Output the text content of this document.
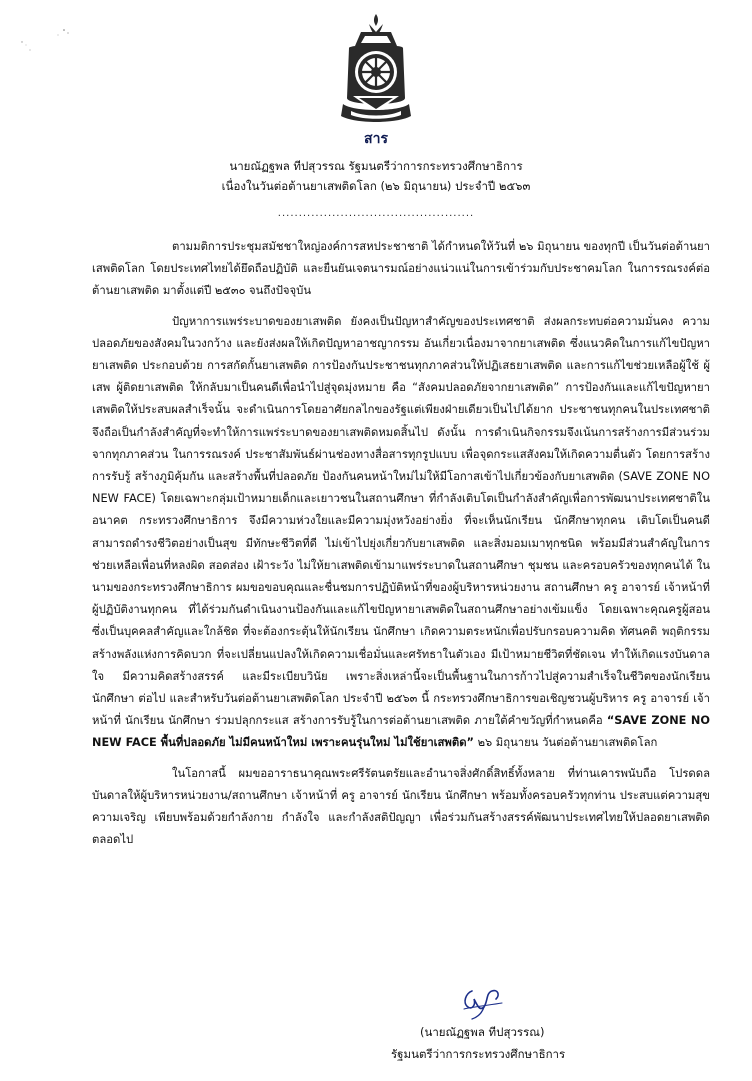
สาร
นายณัฏฐพล ทีปสุวรรณ รัฐมนตรีว่าการกระทรวงศึกษาธิการ
เนื่องในวันต่อต้านยาเสพติดโลก (๒๖ มิถุนายน) ประจำปี ๒๕๖๓
...............................................

ตามมติการประชุมสมัชชาใหญ่องค์การสหประชาชาติ ได้กำหนดให้วันที่ ๒๖ มิถุนายน ของทุกปี เป็นวันต่อต้านยาเสพติดโลก โดยประเทศไทยได้ยึดถือปฏิบัติ และยืนยันเจตนารมณ์อย่างแน่วแน่ในการเข้าร่วมกับประชาคมโลก ในการรณรงค์ต่อต้านยาเสพติด มาตั้งแต่ปี ๒๕๓๐ จนถึงปัจจุบัน

ปัญหาการแพร่ระบาดของยาเสพติด ยังคงเป็นปัญหาสำคัญของประเทศชาติ ส่งผลกระทบต่อความมั่นคง ความปลอดภัยของสังคมในวงกว้าง และยังส่งผลให้เกิดปัญหาอาชญากรรม อันเกี่ยวเนื่องมาจากยาเสพติด ซึ่งแนวคิดในการแก้ไขปัญหายาเสพติด ประกอบด้วย การสกัดกั้นยาเสพติด การป้องกันประชาชนทุกภาคส่วนให้ปฏิเสธยาเสพติด และการแก้ไขช่วยเหลือผู้ใช้ ผู้เสพ ผู้ติดยาเสพติด ให้กลับมาเป็นคนดีเพื่อนำไปสู่จุดมุ่งหมาย คือ “สังคมปลอดภัยจากยาเสพติด” การป้องกันและแก้ไขปัญหายาเสพติดให้ประสบผลสำเร็จนั้น จะดำเนินการโดยอาศัยกลไกของรัฐแต่เพียงฝ่ายเดียวเป็นไปได้ยาก ประชาชนทุกคนในประเทศชาติ จึงถือเป็นกำลังสำคัญที่จะทำให้การแพร่ระบาดของยาเสพติดหมดสิ้นไป ดังนั้น การดำเนินกิจกรรมจึงเน้นการสร้างการมีส่วนร่วมจากทุกภาคส่วน ในการรณรงค์ ประชาสัมพันธ์ผ่านช่องทางสื่อสารทุกรูปแบบ เพื่อจุดกระแสสังคมให้เกิดความตื่นตัว โดยการสร้างการรับรู้ สร้างภูมิคุ้มกัน และสร้างพื้นที่ปลอดภัย ป้องกันคนหน้าใหม่ไม่ให้มีโอกาสเข้าไปเกี่ยวข้องกับยาเสพติด (SAVE ZONE NO NEW FACE) โดยเฉพาะกลุ่มเป้าหมายเด็กและเยาวชนในสถานศึกษา ที่กำลังเติบโตเป็นกำลังสำคัญเพื่อการพัฒนาประเทศชาติในอนาคต กระทรวงศึกษาธิการ จึงมีความห่วงใยและมีความมุ่งหวังอย่างยิ่ง ที่จะเห็นนักเรียน นักศึกษาทุกคน เติบโตเป็นคนดี สามารถดำรงชีวิตอย่างเป็นสุข มีทักษะชีวิตที่ดี ไม่เข้าไปยุ่งเกี่ยวกับยาเสพติด และสิ่งมอมเมาทุกชนิด พร้อมมีส่วนสำคัญในการช่วยเหลือเพื่อนที่หลงผิด สอดส่อง เฝ้าระวัง ไม่ให้ยาเสพติดเข้ามาแพร่ระบาดในสถานศึกษา ชุมชน และครอบครัวของทุกคนได้ ในนามของกระทรวงศึกษาธิการ ผมขอขอบคุณและชื่นชมการปฏิบัติหน้าที่ของผู้บริหารหน่วยงาน สถานศึกษา ครู อาจารย์ เจ้าหน้าที่ผู้ปฏิบัติงานทุกคน ที่ได้ร่วมกันดำเนินงานป้องกันและแก้ไขปัญหายาเสพติดในสถานศึกษาอย่างเข้มแข็ง โดยเฉพาะคุณครูผู้สอน ซึ่งเป็นบุคคลสำคัญและใกล้ชิด ที่จะต้องกระตุ้นให้นักเรียน นักศึกษา เกิดความตระหนักเพื่อปรับกรอบความคิด ทัศนคติ พฤติกรรม สร้างพลังแห่งการคิดบวก ที่จะเปลี่ยนแปลงให้เกิดความเชื่อมั่นและศรัทธาในตัวเอง มีเป้าหมายชีวิตที่ชัดเจน ทำให้เกิดแรงบันดาลใจ มีความคิดสร้างสรรค์ และมีระเบียบวินัย เพราะสิ่งเหล่านี้จะเป็นพื้นฐานในการก้าวไปสู่ความสำเร็จในชีวิตของนักเรียน นักศึกษา ต่อไป และสำหรับวันต่อต้านยาเสพติดโลก ประจำปี ๒๕๖๓ นี้ กระทรวงศึกษาธิการขอเชิญชวนผู้บริหาร ครู อาจารย์ เจ้าหน้าที่ นักเรียน นักศึกษา ร่วมปลุกกระแส สร้างการรับรู้ในการต่อต้านยาเสพติด ภายใต้คำขวัญที่กำหนดคือ “SAVE ZONE NO NEW FACE พื้นที่ปลอดภัย ไม่มีคนหน้าใหม่ เพราะคนรุ่นใหม่ ไม่ใช้ยาเสพติด” ๒๖ มิถุนายน วันต่อต้านยาเสพติดโลก

ในโอกาสนี้ ผมขออาราธนาคุณพระศรีรัตนตรัยและอำนาจสิ่งศักดิ์สิทธิ์ทั้งหลาย ที่ท่านเคารพนับถือ โปรดดลบันดาลให้ผู้บริหารหน่วยงาน/สถานศึกษา เจ้าหน้าที่ ครู อาจารย์ นักเรียน นักศึกษา พร้อมทั้งครอบครัวทุกท่าน ประสบแต่ความสุข ความเจริญ เพียบพร้อมด้วยกำลังกาย กำลังใจ และกำลังสติปัญญา เพื่อร่วมกันสร้างสรรค์พัฒนาประเทศไทยให้ปลอดยาเสพติด ตลอดไป

(นายณัฏฐพล ทีปสุวรรณ)
รัฐมนตรีว่าการกระทรวงศึกษาธิการ
